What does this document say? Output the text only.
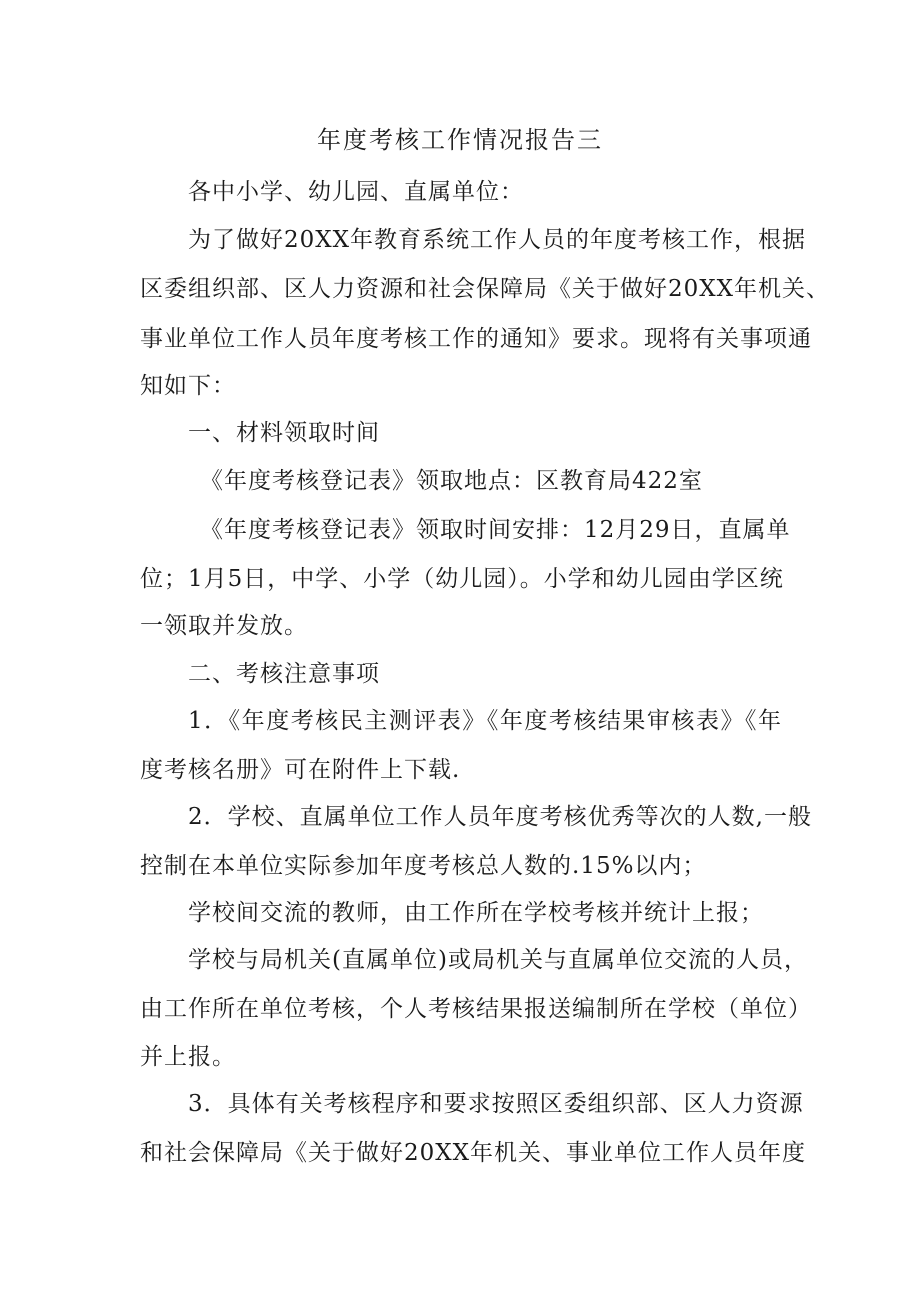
年度考核工作情况报告三
各中小学、幼儿园、直属单位：
为了做好20XX年教育系统工作人员的年度考核工作，根据
区委组织部、区人力资源和社会保障局《关于做好20XX年机关、
事业单位工作人员年度考核工作的通知》要求。现将有关事项通
知如下：
一、材料领取时间
《年度考核登记表》领取地点：区教育局422室
《年度考核登记表》领取时间安排：12月29日，直属单
位；1月5日，中学、小学（幼儿园）。小学和幼儿园由学区统
一领取并发放。
二、考核注意事项
1．《年度考核民主测评表》《年度考核结果审核表》《年
度考核名册》可在附件上下载.
2．学校、直属单位工作人员年度考核优秀等次的人数,一般
控制在本单位实际参加年度考核总人数的.15%以内；
学校间交流的教师，由工作所在学校考核并统计上报；
学校与局机关(直属单位)或局机关与直属单位交流的人员，
由工作所在单位考核，个人考核结果报送编制所在学校（单位）
并上报。
3．具体有关考核程序和要求按照区委组织部、区人力资源
和社会保障局《关于做好20XX年机关、事业单位工作人员年度
